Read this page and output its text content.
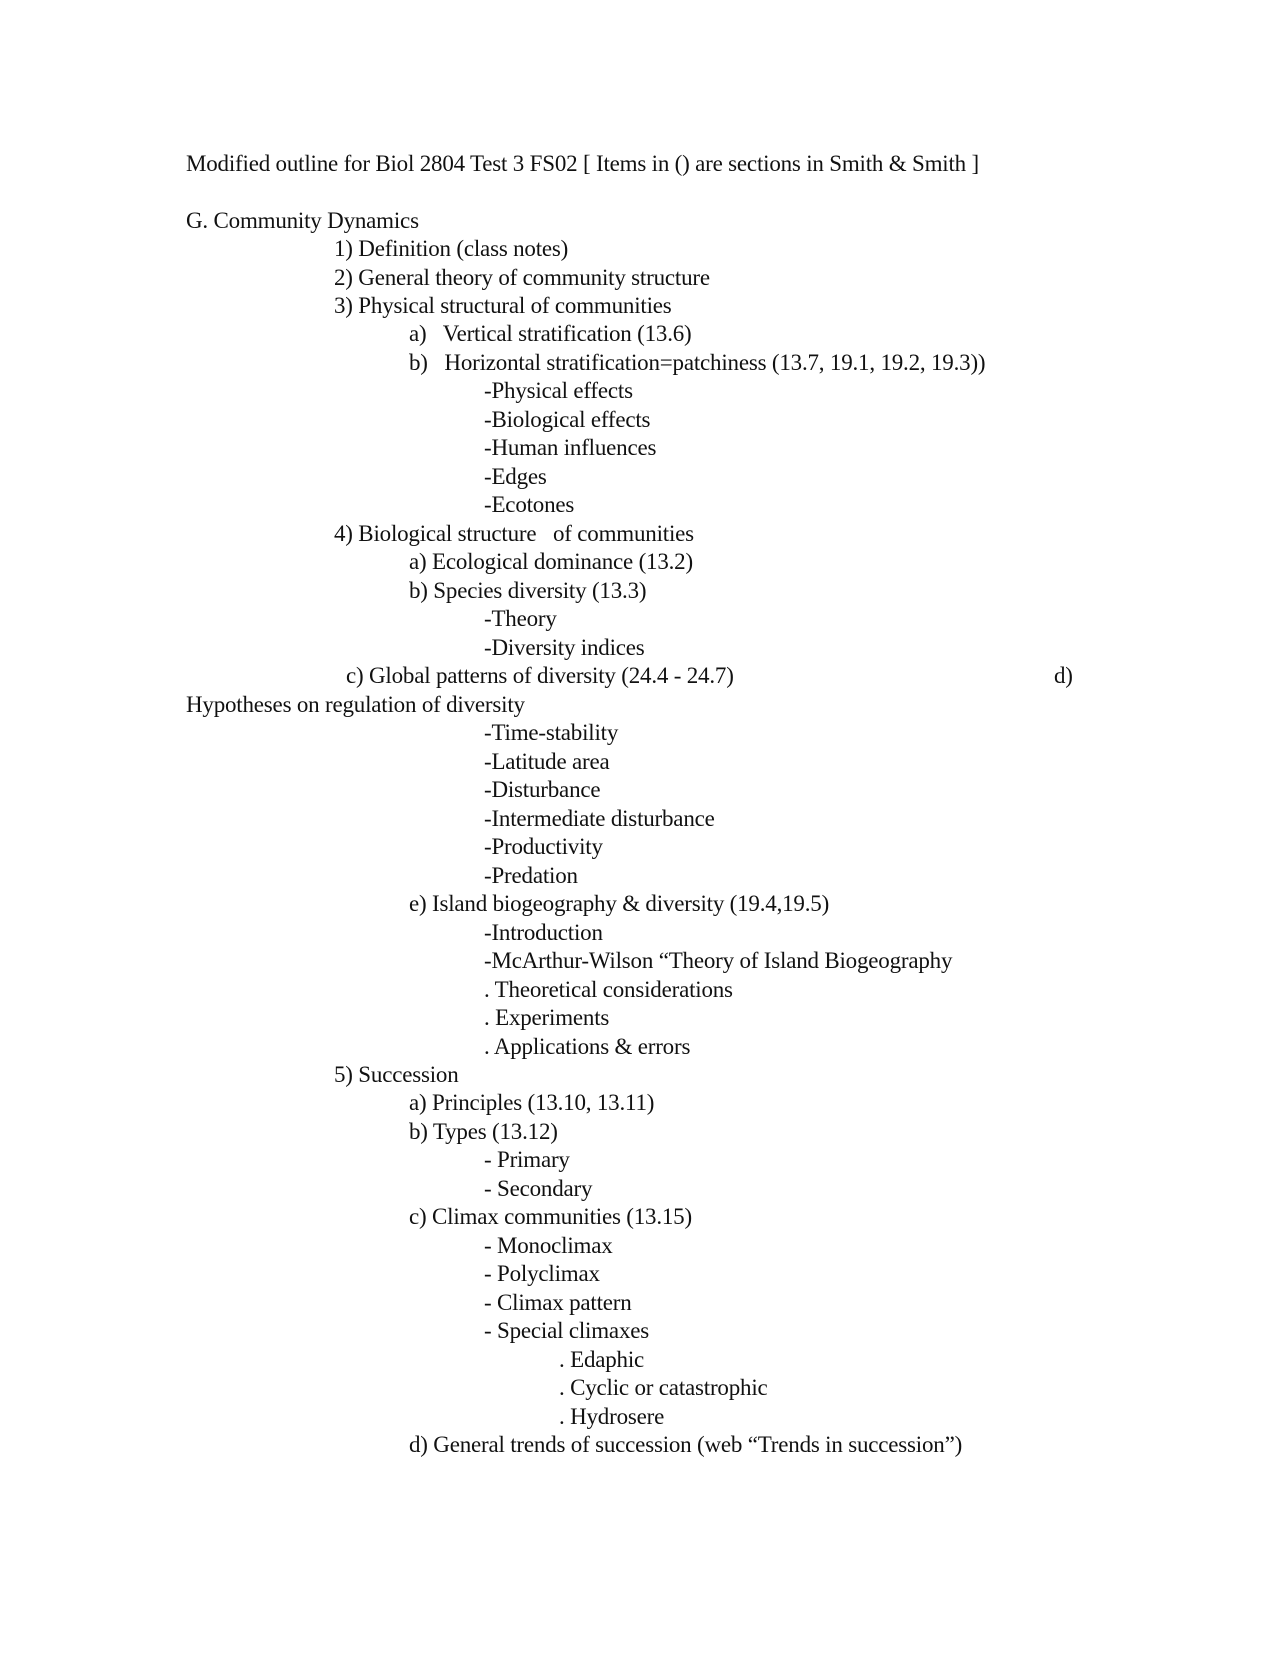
Modified outline for Biol 2804 Test 3 FS02 [ Items in () are sections in Smith & Smith ]
G. Community Dynamics
1) Definition (class notes)
2) General theory of community structure
3) Physical structural of communities
a)   Vertical stratification (13.6)
b)   Horizontal stratification=patchiness (13.7, 19.1, 19.2, 19.3))
-Physical effects
-Biological effects
-Human influences
-Edges
-Ecotones
4) Biological structure   of communities
a) Ecological dominance (13.2)
b) Species diversity (13.3)
-Theory
-Diversity indices
c) Global patterns of diversity (24.4 - 24.7)	d)
Hypotheses on regulation of diversity
-Time-stability
-Latitude area
-Disturbance
-Intermediate disturbance
-Productivity
-Predation
e) Island biogeography & diversity (19.4,19.5)
-Introduction
-McArthur-Wilson “Theory of Island Biogeography
. Theoretical considerations
. Experiments
. Applications & errors
5) Succession
a) Principles (13.10, 13.11)
b) Types (13.12)
- Primary
- Secondary
c) Climax communities (13.15)
- Monoclimax
- Polyclimax
- Climax pattern
- Special climaxes
. Edaphic
. Cyclic or catastrophic
. Hydrosere
d) General trends of succession (web “Trends in succession”)
